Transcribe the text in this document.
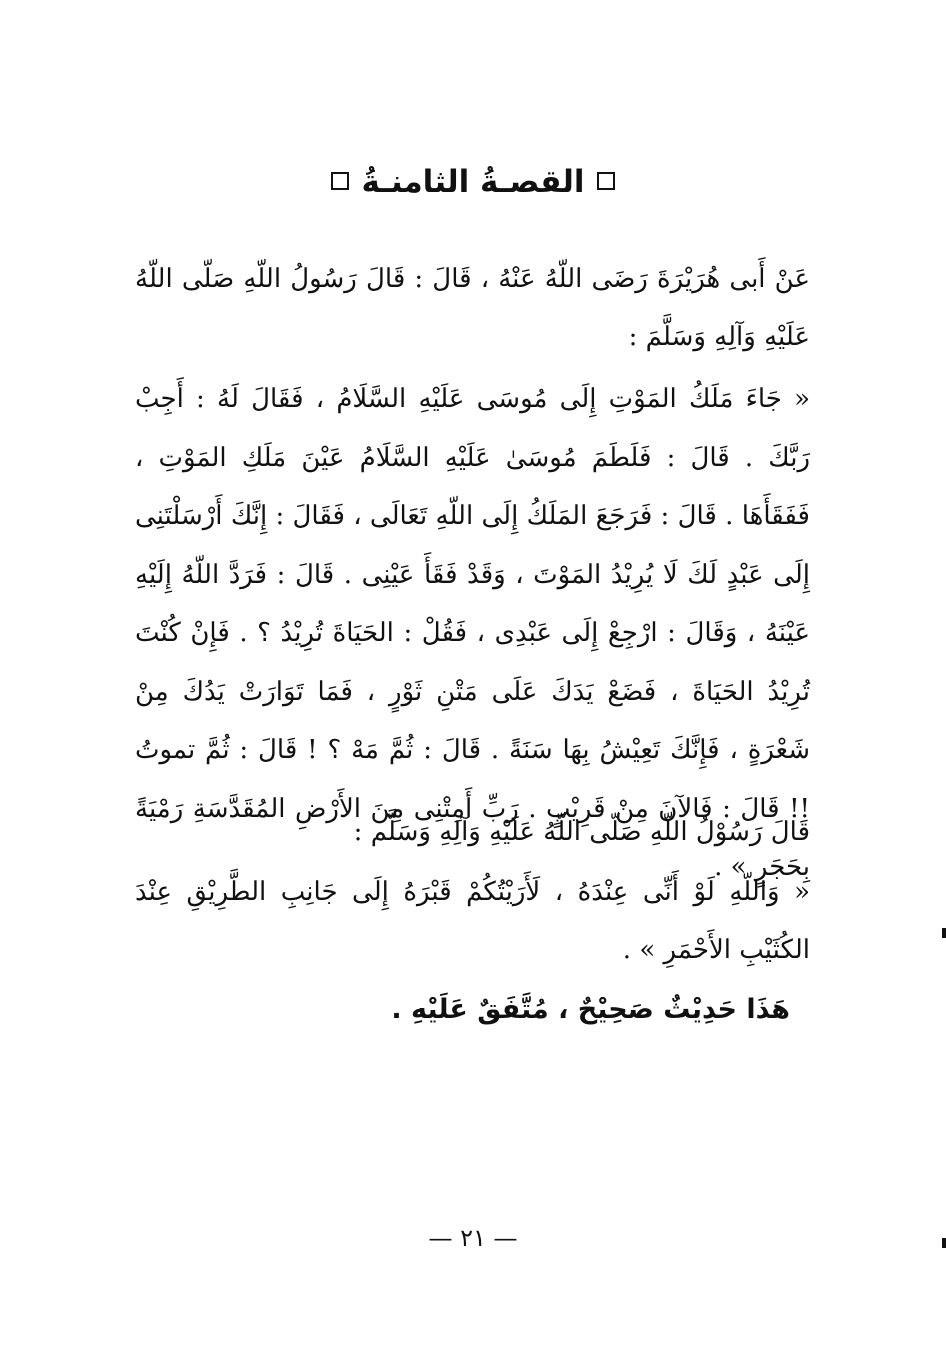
القصـةُ الثامنـةُ
عَنْ أَبى هُرَيْرَةَ رَضَى اللّهُ عَنْهُ ، قَالَ : قَالَ رَسُولُ اللّهِ صَلّى اللّهُ عَلَيْهِ وَآلِهِ وَسَلَّمَ :
« جَاءَ مَلَكُ المَوْتِ إِلَى مُوسَى عَلَيْهِ السَّلَامُ ، فَقَالَ لَهُ : أَجِبْ رَبَّكَ . قَالَ : فَلَطَمَ مُوسَىٰ عَلَيْهِ السَّلَامُ عَيْنَ مَلَكِ المَوْتِ ، فَفَقَأَهَا . قَالَ : فَرَجَعَ المَلَكُ إِلَى اللّهِ تَعَالَى ، فَقَالَ : إِنَّكَ أَرْسَلْتَنِى إِلَى عَبْدٍ لَكَ لَا يُرِيْدُ المَوْتَ ، وَقَدْ فَقَأَ عَيْنِى . قَالَ : فَرَدَّ اللّهُ إِلَيْهِ عَيْنَهُ ، وَقَالَ : ارْجِعْ إِلَى عَبْدِى ، فَقُلْ : الحَيَاةَ تُرِيْدُ ؟ . فَإِنْ كُنْتَ تُرِيْدُ الحَيَاةَ ، فَضَعْ يَدَكَ عَلَى مَتْنِ ثَوْرٍ ، فَمَا تَوَارَتْ يَدُكَ مِنْ شَعْرَةٍ ، فَإِنَّكَ تَعِيْشُ بِهَا سَنَةً . قَالَ : ثُمَّ مَهْ ؟ ! قَالَ : ثُمَّ تموتُ !! قَالَ : فَالآنَ مِنْ قَرِيْبٍ . رَبِّ أَمِتْنِى مِنَ الأَرْضِ المُقَدَّسَةِ رَمْيَةً بِحَجَرٍ » .
قَالَ رَسُوْلُ اللّهِ صَلّى اللّهُ عَلَيْهِ وَآلِهِ وَسَلَّم :
« وَاللّهِ لَوْ أَنِّى عِنْدَهُ ، لَأَرَيْتُكُمْ قَبْرَهُ إِلَى جَانِبِ الطَّرِيْقِ عِنْدَ الكُثَيْبِ الأَحْمَرِ » .
هَذَا حَدِيْثٌ صَحِيْحٌ ، مُتَّفَقٌ عَلَيْهِ .
— ٢١ —
